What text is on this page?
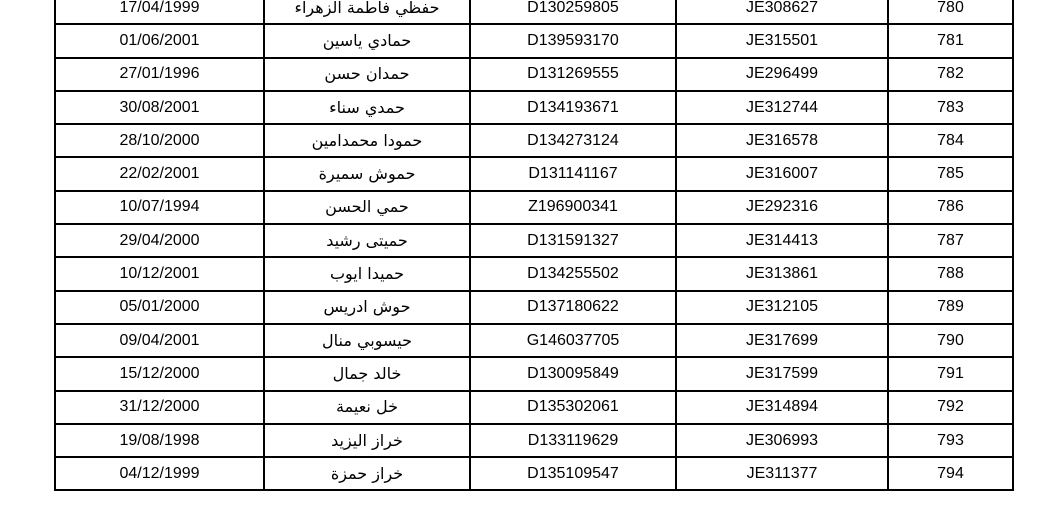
17/04/1999	حفظي فاطمة الزهراء	D130259805	JE308627	780
01/06/2001	حمادي ياسين	D139593170	JE315501	781
27/01/1996	حمدان حسن	D131269555	JE296499	782
30/08/2001	حمدي سناء	D134193671	JE312744	783
28/10/2000	حمودا محمدامين	D134273124	JE316578	784
22/02/2001	حموش سميرة	D131141167	JE316007	785
10/07/1994	حمي الحسن	Z196900341	JE292316	786
29/04/2000	حميتى رشيد	D131591327	JE314413	787
10/12/2001	حميدا ايوب	D134255502	JE313861	788
05/01/2000	حوش ادريس	D137180622	JE312105	789
09/04/2001	حيسوبي منال	G146037705	JE317699	790
15/12/2000	خالد جمال	D130095849	JE317599	791
31/12/2000	خل نعيمة	D135302061	JE314894	792
19/08/1998	خراز اليزيد	D133119629	JE306993	793
04/12/1999	خراز حمزة	D135109547	JE311377	794
